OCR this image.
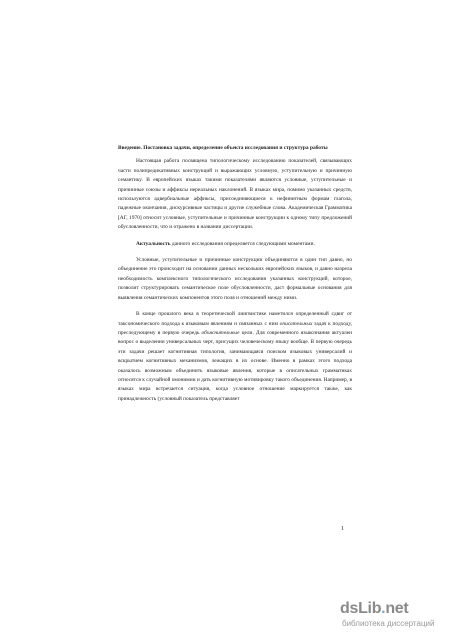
Введение. Постановка задачи, определение объекта исследования и структура работы

Настоящая работа посвящена типологическому исследованию показателей, связывающих части полипредикативных конструкций и выражающих условную, уступительную и причинную семантику. В европейских языках такими показателями являются условные, уступительные и причинные союзы и аффиксы нереальных наклонений. В языках мира, помимо указанных средств, используются адвербиальные аффиксы, присоединяющиеся к нефинитным формам глагола, падежные окончания, дискурсивные частицы и другие служебные слова. Академическая Грамматика [АГ, 1970] относит условные, уступительные и причинные конструкции к одному типу предложений обусловленности, что и отражено в названии диссертации.

Актуальность данного исследования определяется следующими моментами.

Условные, уступительные и причинные конструкции объединяются в один тип давно, но объединение это происходит на основании данных нескольких европейских языков, и давно назрела необходимость комплексного типологического исследования указанных конструкций, которое, позволит структурировать семантическое поле обусловленности, даст формальные основания для выявления семантических компонентов этого поля и отношений между ними.

В конце прошлого века в теоретической лингвистике наметился определенный сдвиг от таксономического подхода к языковым явлениям и связанных с ним описательных задач к подходу, преследующему в первую очередь объяснительные цели. Для современного языкознания актуален вопрос о выделении универсальных черт, присущих человеческому языку вообще. В первую очередь эти задачи решает когнитивная типология, занимающаяся поиском языковых универсалий и вскрытием когнитивных механизмов, лежащих в их основе. Именно в рамках этого подхода оказалось возможным объединить языковые явления, которые в описательных грамматиках относятся к случайной омонимии и дать когнитивную мотивировку такого объединения. Например, в языках мира встречается ситуация, когда условное отношение маркируется также, как принадлежность (условный показатель представляет

1
dsLib.net
библиотека диссертаций
